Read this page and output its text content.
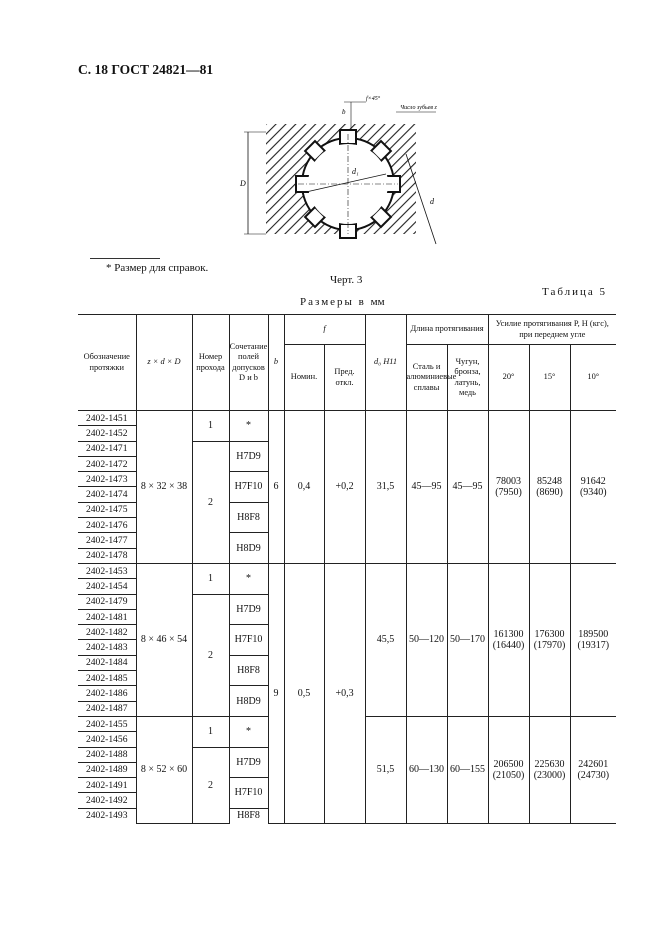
С. 18 ГОСТ 24821—81
Число зубьев z
D
d₁
d
b
f×45°
* Размер для справок.
Черт. 3
Таблица 5
Размеры в мм
Обозначение протяжки	z × d × D	Номер прохода	Сочетание полей допусков D и b	b	f		d₀ H11	Длина протягивания		Усилие протягивания P, Н (кгс), при переднем угле		
					Номин.	Пред. откл.		Сталь и алюминиевые сплавы	Чугун, бронза, латунь, медь	20°	15°	10°
2402-1451	8 × 32 × 38	1	*	6	0,4	+0,2	31,5	45—95	45—95	78003 (7950)	85248 (8690)	91642 (9340)
2402-1452												
2402-1471		2	H7D9									
2402-1472												
2402-1473			H7F10									
2402-1474												
2402-1475			H8F8									
2402-1476												
2402-1477			H8D9									
2402-1478												
2402-1453	8 × 46 × 54	1	*	9	0,5	+0,3	45,5	50—120	50—170	161300 (16440)	176300 (17970)	189500 (19317)
2402-1454												
2402-1479		2	H7D9									
2402-1481												
2402-1482			H7F10									
2402-1483												
2402-1484			H8F8									
2402-1485												
2402-1486			H8D9									
2402-1487												
2402-1455	8 × 52 × 60	1	*				51,5	60—130	60—155	206500 (21050)	225630 (23000)	242601 (24730)
2402-1456												
2402-1488		2	H7D9									
2402-1489												
2402-1491			H7F10									
2402-1492												
2402-1493			H8F8									
